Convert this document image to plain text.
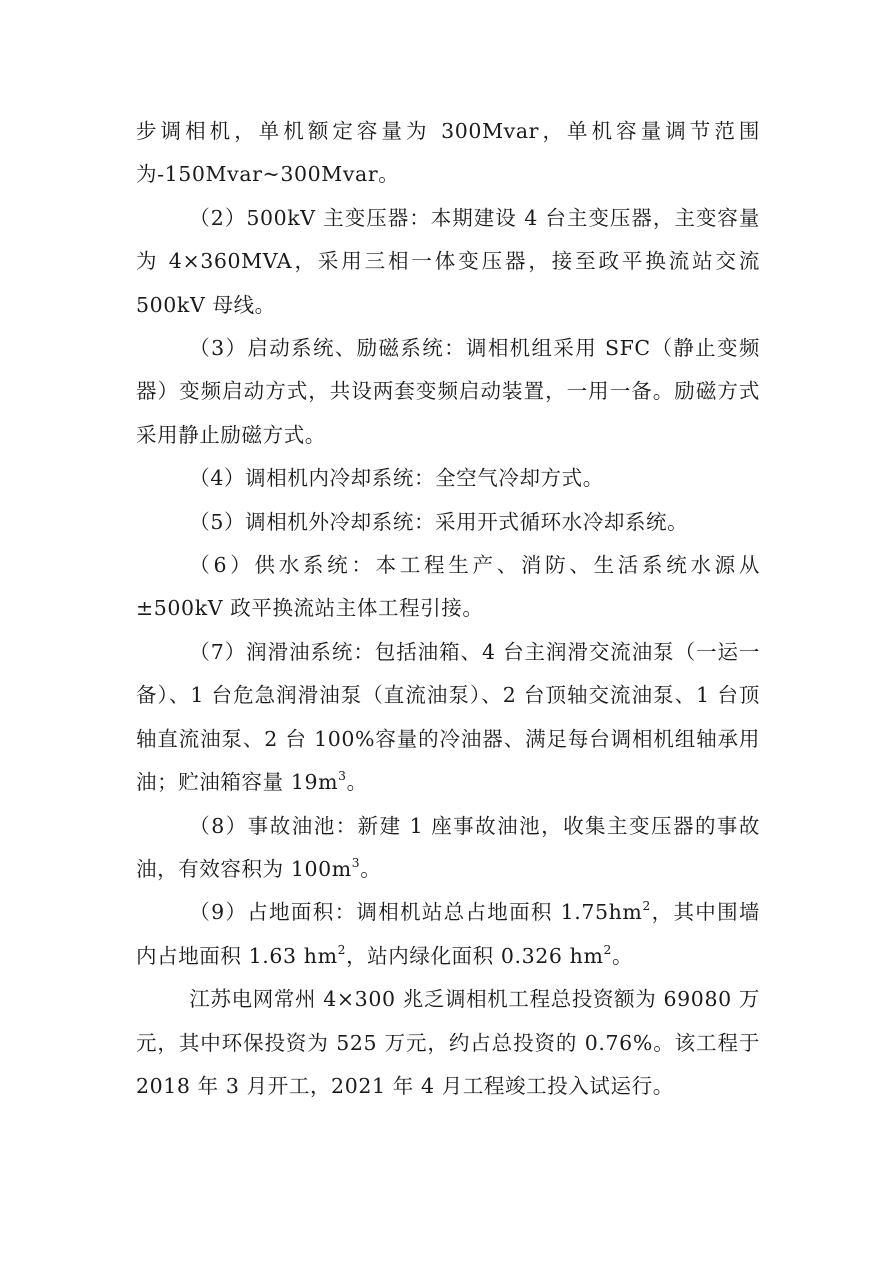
步调相机，单机额定容量为 300Mvar，单机容量调节范围为-150Mvar~300Mvar。

（2）500kV 主变压器：本期建设 4 台主变压器，主变容量为 4×360MVA，采用三相一体变压器，接至政平换流站交流 500kV 母线。

（3）启动系统、励磁系统：调相机组采用 SFC（静止变频器）变频启动方式，共设两套变频启动装置，一用一备。励磁方式采用静止励磁方式。

（4）调相机内冷却系统：全空气冷却方式。

（5）调相机外冷却系统：采用开式循环水冷却系统。

（6）供水系统：本工程生产、消防、生活系统水源从±500kV 政平换流站主体工程引接。

（7）润滑油系统：包括油箱、4 台主润滑交流油泵（一运一备）、1 台危急润滑油泵（直流油泵）、2 台顶轴交流油泵、1 台顶轴直流油泵、2 台 100%容量的冷油器、满足每台调相机组轴承用油；贮油箱容量 $19m^3$。

（8）事故油池：新建 1 座事故油池，收集主变压器的事故油，有效容积为 $100m^3$。

（9）占地面积：调相机站总占地面积 $1.75hm^2$，其中围墙内占地面积 1.63 $hm^2$，站内绿化面积 0.326 $hm^2$。

江苏电网常州 4×300 兆乏调相机工程总投资额为 69080 万元，其中环保投资为 525 万元，约占总投资的 0.76%。该工程于 2018 年 3 月开工，2021 年 4 月工程竣工投入试运行。
